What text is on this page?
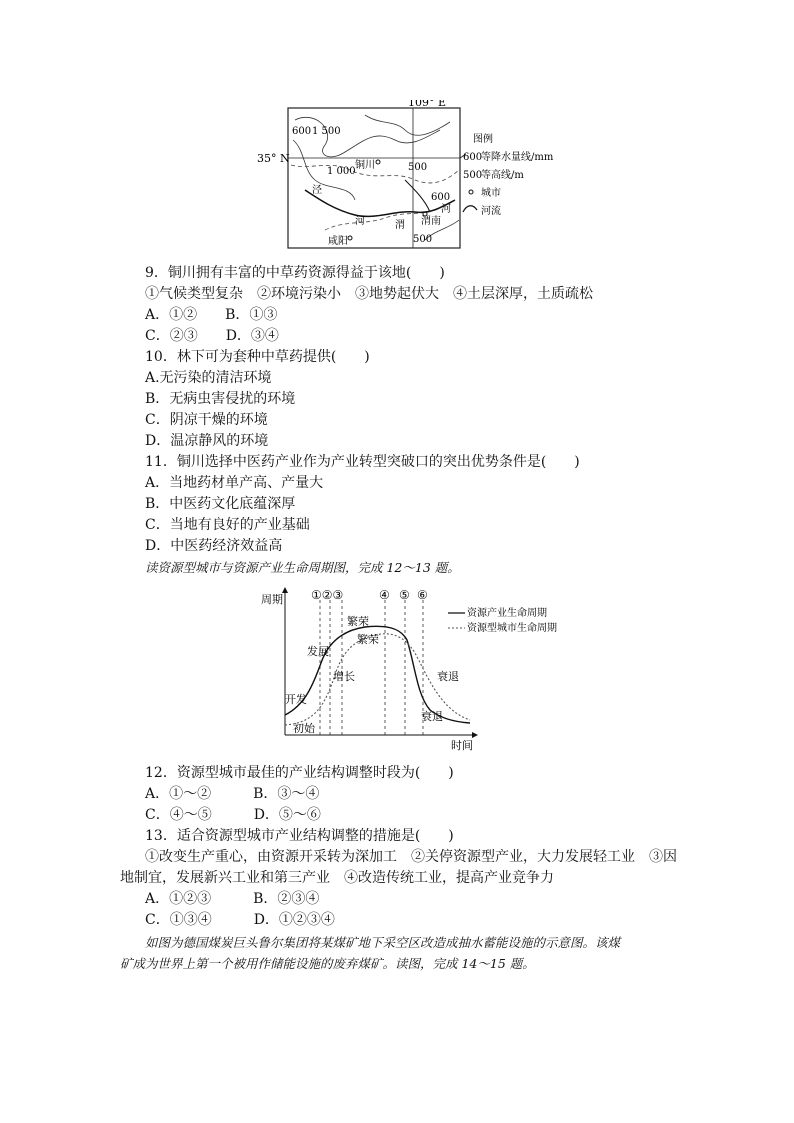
109° E
35° N
600 1 500
1 000
铜川	500
泾
600
河
河	渭 渭南
咸阳	500
图例
600
等降水量线/mm
500
等高线/m
城市
河流
9．铜川拥有丰富的中草药资源得益于该地(　　)
①气候类型复杂　②环境污染小　③地势起伏大　④土层深厚，土质疏松
A．①②　　B．①③
C．②③　　D．③④
10．林下可为套种中草药提供(　　)
A.无污染的清洁环境
B．无病虫害侵扰的环境
C．阴凉干燥的环境
D．温凉静风的环境
11．铜川选择中医药产业作为产业转型突破口的突出优势条件是(　　)
A．当地药材单产高、产量大
B．中医药文化底蕴深厚
C．当地有良好的产业基础
D．中医药经济效益高
读资源型城市与资源产业生命周期图，完成 12～13 题。
周期
时间
①②③	④ ⑤ ⑥
开发
发展
繁荣
衰退
初始
增长
繁荣
衰退
资源产业生命周期
资源型城市生命周期
12．资源型城市最佳的产业结构调整时段为(　　)
A．①～②　　　B．③～④
C．④～⑤　　　D．⑤～⑥
13．适合资源型城市产业结构调整的措施是(　　)
①改变生产重心，由资源开采转为深加工　②关停资源型产业，大力发展轻工业　③因
地制宜，发展新兴工业和第三产业　④改造传统工业，提高产业竞争力
A．①②③　　　B．②③④
C．①③④　　　D．①②③④
如图为德国煤炭巨头鲁尔集团将某煤矿地下采空区改造成抽水蓄能设施的示意图。该煤
矿成为世界上第一个被用作储能设施的废弃煤矿。读图，完成 14～15 题。
